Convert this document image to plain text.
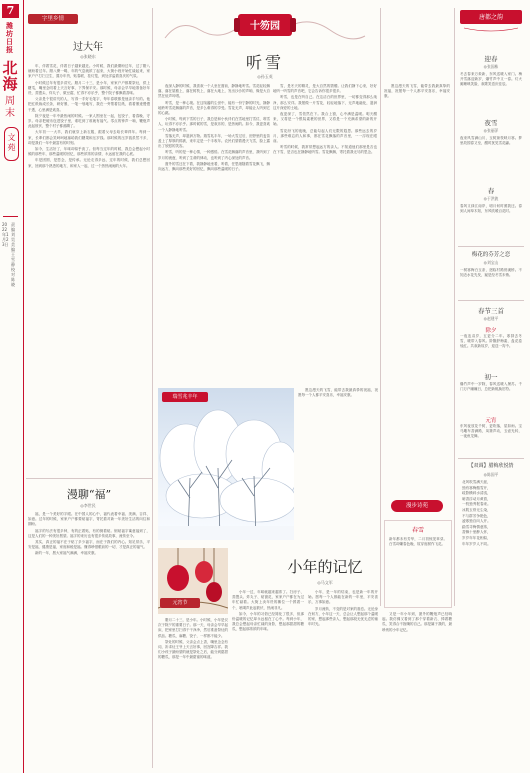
7
潍坊日报
北海
周末
文苑
2022年1月23日
责编 刘昊 美编 王雪静 校对 陈晓
字里乡情
过大年
◎张晓东

年，伴着雪花，伴着日子越来越近。小时候，我们最期盼过年，过了腊八就盼着过年。腊八粥一喝，年的气息就浓了起来，大街小巷开始忙碌起来，家家户户打扫卫生，置办年货，贴春联，挂灯笼，到处洋溢着喜庆的气氛。

小时候过年有很多讲究。腊月二十三，是小年，家家户户都要祭灶，供上糖瓜，嘴里念叨着上天言好事，下界保平安。那时候，母亲会早早地准备好年货，蒸馒头、炸丸子、做豆腐，忙得不亦乐乎，整个院子都飘着香味。

父亲是个很讲究的人，写得一手好毛笔字，每年春联都是他亲手写的。他把红纸裁成长条，研好墨，一笔一划地写，我在一旁帮着拉纸，看着墨迹慢慢干透，心里满是欢喜。

除夕夜是一年中最热闹的时候。一家人围坐在一起，包饺子，看春晚，守岁。母亲把硬币包进饺子里，谁吃到了谁就有福气。零点的钟声一响，鞭炮声此起彼伏，整个村子都沸腾了。

大年初一一大早，我们就穿上新衣服，跟着父母去给长辈拜年。每到一家，长辈们都会笑呵呵地塞给我们糖果和压岁钱。那时候的压岁钱虽然不多，却是我们一年中最富有的时刻。

如今，生活好了，年味却似乎淡了。但每当过年的时候，我总会想起小时候的那些年，那些温暖的回忆，那些浓浓的亲情，永远留在我的心底。

年是团圆，是思念，是传承。无论走得多远，过年的时候，我们总想回家，回到那个熟悉的地方，和家人一起，过一个热热闹闹的大年。

漫聊“福”
◎李世民

福，是一个美好的字眼。在中国人的心中，福代表着幸福、美满、吉祥、如意。过年的时候，家家户户都要贴福字，寄托着对新一年美好生活的向往和期盼。

福字的写法有很多种，有的正着贴，有的倒着贴。倒贴福字寓意福到了，这是人们的一种美好愿望。福字的来历也有很多传说故事，流传至今。

其实，真正的福不在于贴了多少福字，而在于我们的内心。知足常乐，平安是福，健康是福，家庭和睦是福。懂得珍惜眼前的一切，才是真正的福气。

新的一年，愿大家福气满满，幸福安康。

十笏园
听雪
◎孙玉英

夜深人静的时候，我喜欢一个人坐在窗前，静静地听雪。雪花轻轻飘落，落在屋檐上，落在树枝上，落在大地上，发出沙沙的声响，像是大自然在低声吟唱。

听雪，是一种心境。在这喧嚣的尘世中，能有一份宁静的时光，静静地聆听雪花飘落的声音，是多么难得的享受。雪花无声，却能让人听到它的心跳。

小时候，每到下雪的日子，我总是和小伙伴们在雪地里打雪仗、堆雪人，玩得不亦乐乎。那时候的雪，是欢乐的，是热闹的。如今，我更喜欢一个人静静地听雪。

雪落无声，却滋润万物。瑞雪兆丰年，一场大雪过后，田野里的麦苗盖上了厚厚的棉被，来年定是一个丰收年。农民们望着漫天飞雪，脸上露出了欣慰的笑容。

听雪，听的是一种心情，一种感悟。在雪花飘落的声音里，我听到了岁月的流逝，听到了生命的律动，也听到了内心深处的声音。

窗外的雪还在下着，我静静地坐着，听着，任思绪随着雪花飘飞，飘向远方，飘向那些美好的回忆，飘向那些温暖的日子。

雪，是冬天的精灵，是大自然的馈赠。让我们静下心来，好好地听一听雪的声音吧，它会告诉你很多很多。

听雪，也是在听自己。在这洁白的世界里，一切都变得那么纯净，那么安详。我愿做一片雪花，轻轻地落下，无声地融化，滋润这片深爱的土地。

夜更深了，雪依然在下。我合上窗，心中满是温暖。明天醒来，又将是一个银装素裹的世界，又将是一个充满希望的新的开始。

雪花纷飞的夜晚，总能勾起人们无限的遐思。那些远去的岁月，那些难忘的人和事，都在雪花飘落的声音里，一一浮现在眼前。

听雪的时候，我常常想起远方的亲人。不知道他们那里是否也在下雪，是否也在静静地听雪。雪花飘飘，寄托着我无尽的思念。

瑞雪兆丰年

愿这漫天的飞雪，能带去我最真挚的祝福，祝愿每一个人都平安喜乐，幸福安康。

元宵节
小年的记忆
◎马文军

腊月二十三，是小年。小时候，小年是仅次于除夕的重要日子。那一天，母亲会早早起床，把家里打扫得干干净净，然后准备祭灶的供品。糖瓜、麻糖、饺子，一样都不能少。

祭灶的时候，父亲会点上香，嘴里念念有词，祈求灶王爷上天言好事，回宫降吉祥。我们小孩子最盼望的就是祭灶之后，能分到甜甜的糖瓜，那是一年中最甜蜜的味道。

小年一过，年味就越来越浓了。扫房子、蒸馒头、炸丸子、贴窗花，家家户户都在为过年忙碌着。大街上卖年货的摊位一个挨着一个，吆喝声此起彼伏，热闹非凡。

如今，小年的习俗已经简化了很多，但那份温暖的记忆却永远留在了心中。每到小年，我总会想起母亲忙碌的身影，想起那甜甜的糖瓜，想起那浓浓的年味。

小年，是一年的结束，也是新一年的开始。愿每一个人都能在新的一年里，平安喜乐，万事如意。

岁月流转，不变的是对家的眷恋。无论身在何方，小年这一天，总会让人想起那个温暖的家，想起那些亲人，想起那段无忧无虑的童年时光。

又是一年小年到，窗外的鞭炮声已经响起。我仿佛又看到了那个穿着新衣、捧着糖瓜、笑得合不拢嘴的自己。那是属于我的，最珍贵的小年记忆。

愿这漫天的飞雪，能带去我最真挚的祝福，祝愿每一个人都平安喜乐，幸福安康。

唐都之韵
迎春
◎张国栋
冬去春来万象新，东风送暖入家门。梅开雪落迎新岁，爆竹声中又一春。灯火阑珊映笑脸，欢歌笑语庆佳辰。
夜雪
◎张丽萍
夜来风雪满山川，玉树琼枝映月寒。梦里故园春又至，醒时犹见雪花翩。
春
◎于洪波
春风又绿江南岸，明月何时照我还。春到人间草木知，东风吹暖百花时。
梅花的芬芳之恋
◎刘宝山
一树寒梅白玉条，迥临村路傍溪桥。不知近水花先发，疑是经冬雪未销。
春节三首
◎赵建平
除夕
一夜连双岁，五更分二年。寒辞去冬雪，暖带入春风。阶馥舒梅素，盘花卷烛红。共欢新故岁，迎送一宵中。
初一
爆竹声中一岁除，春风送暖入屠苏。千门万户曈曈日，总把新桃换旧符。
元宵
东风夜放花千树，更吹落，星如雨。宝马雕车香满路，凤箫声动，玉壶光转，一夜鱼龙舞。
【双调】腊梅欣悦情
◎陈国平
北风吹雪满天涯，
独有寒梅傲雪开，
疏影横斜水清浅，
暗香浮动月黄昏，
一枝独秀报春来。
冰肌玉骨无尘染，
不与群芳争艳色，
凌寒独自向人开。
踏雪寻梅情意浓，
香飘十里醉人怀，
岁岁年年花相似，
年年岁岁人不同。
春雪
新年都未有芳华，二月初惊见草芽。白雪却嫌春色晚，故穿庭树作飞花。
漫步诗苑
